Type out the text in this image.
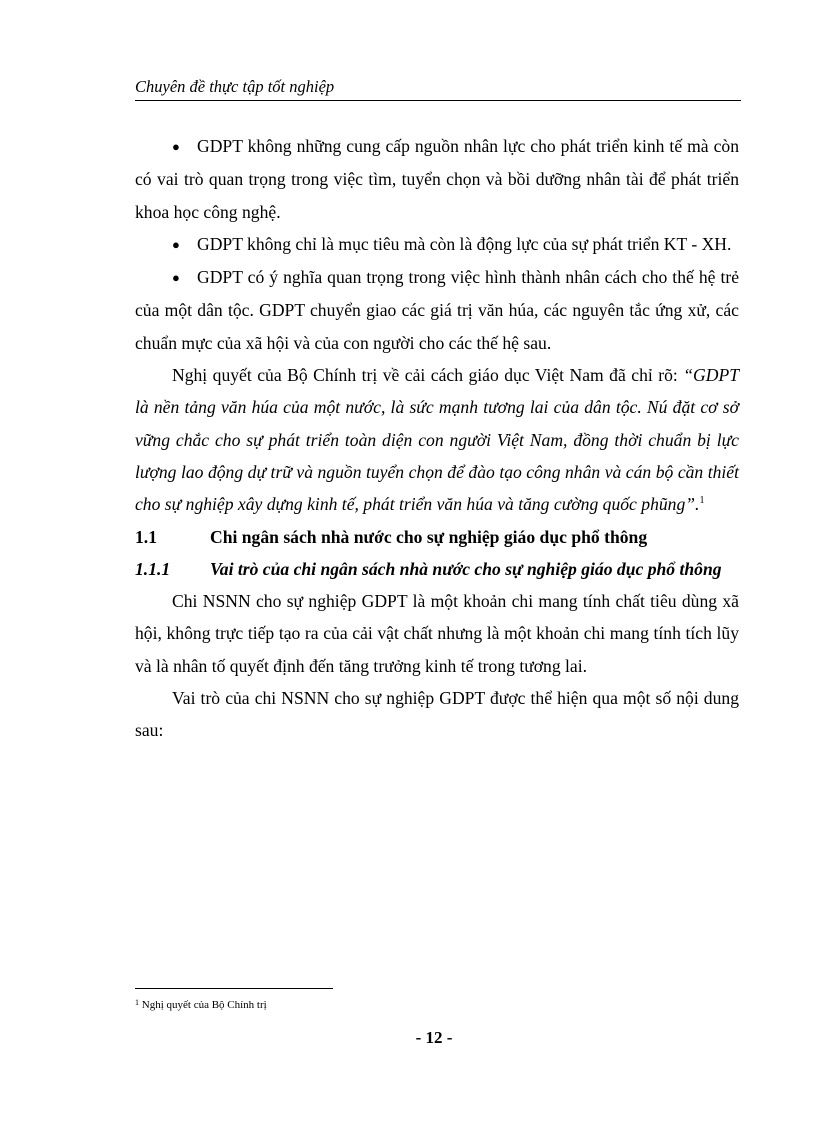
Chuyên đề thực tập tốt nghiệp

● GDPT không những cung cấp nguồn nhân lực cho phát triển kinh tế mà còn có vai trò quan trọng trong việc tìm, tuyển chọn và bồi dưỡng nhân tài để phát triển khoa học công nghệ.

● GDPT không chỉ là mục tiêu mà còn là động lực của sự phát triển KT - XH.

● GDPT có ý nghĩa quan trọng trong việc hình thành nhân cách cho thế hệ trẻ của một dân tộc. GDPT chuyển giao các giá trị văn húa, các nguyên tắc ứng xử, các chuẩn mực của xã hội và của con người cho các thế hệ sau.

Nghị quyết của Bộ Chính trị về cải cách giáo dục Việt Nam đã chỉ rõ: “GDPT là nền tảng văn húa của một nước, là sức mạnh tương lai của dân tộc. Nú đặt cơ sở vững chắc cho sự phát triển toàn diện con người Việt Nam, đồng thời chuẩn bị lực lượng lao động dự trữ và nguồn tuyển chọn để đào tạo công nhân và cán bộ cần thiết cho sự nghiệp xây dựng kinh tế, phát triển văn húa và tăng cường quốc phũng”.$^1$

1.1	Chi ngân sách nhà nước cho sự nghiệp giáo dục phổ thông
1.1.1	Vai trò của chi ngân sách nhà nước cho sự nghiệp giáo dục phổ thông

Chi NSNN cho sự nghiệp GDPT là một khoản chi mang tính chất tiêu dùng xã hội, không trực tiếp tạo ra của cải vật chất nhưng là một khoản chi mang tính tích lũy và là nhân tố quyết định đến tăng trưởng kinh tế trong tương lai.

Vai trò của chi NSNN cho sự nghiệp GDPT được thể hiện qua một số nội dung sau:

$^1$ Nghị quyết của Bộ Chính trị
- 12 -
